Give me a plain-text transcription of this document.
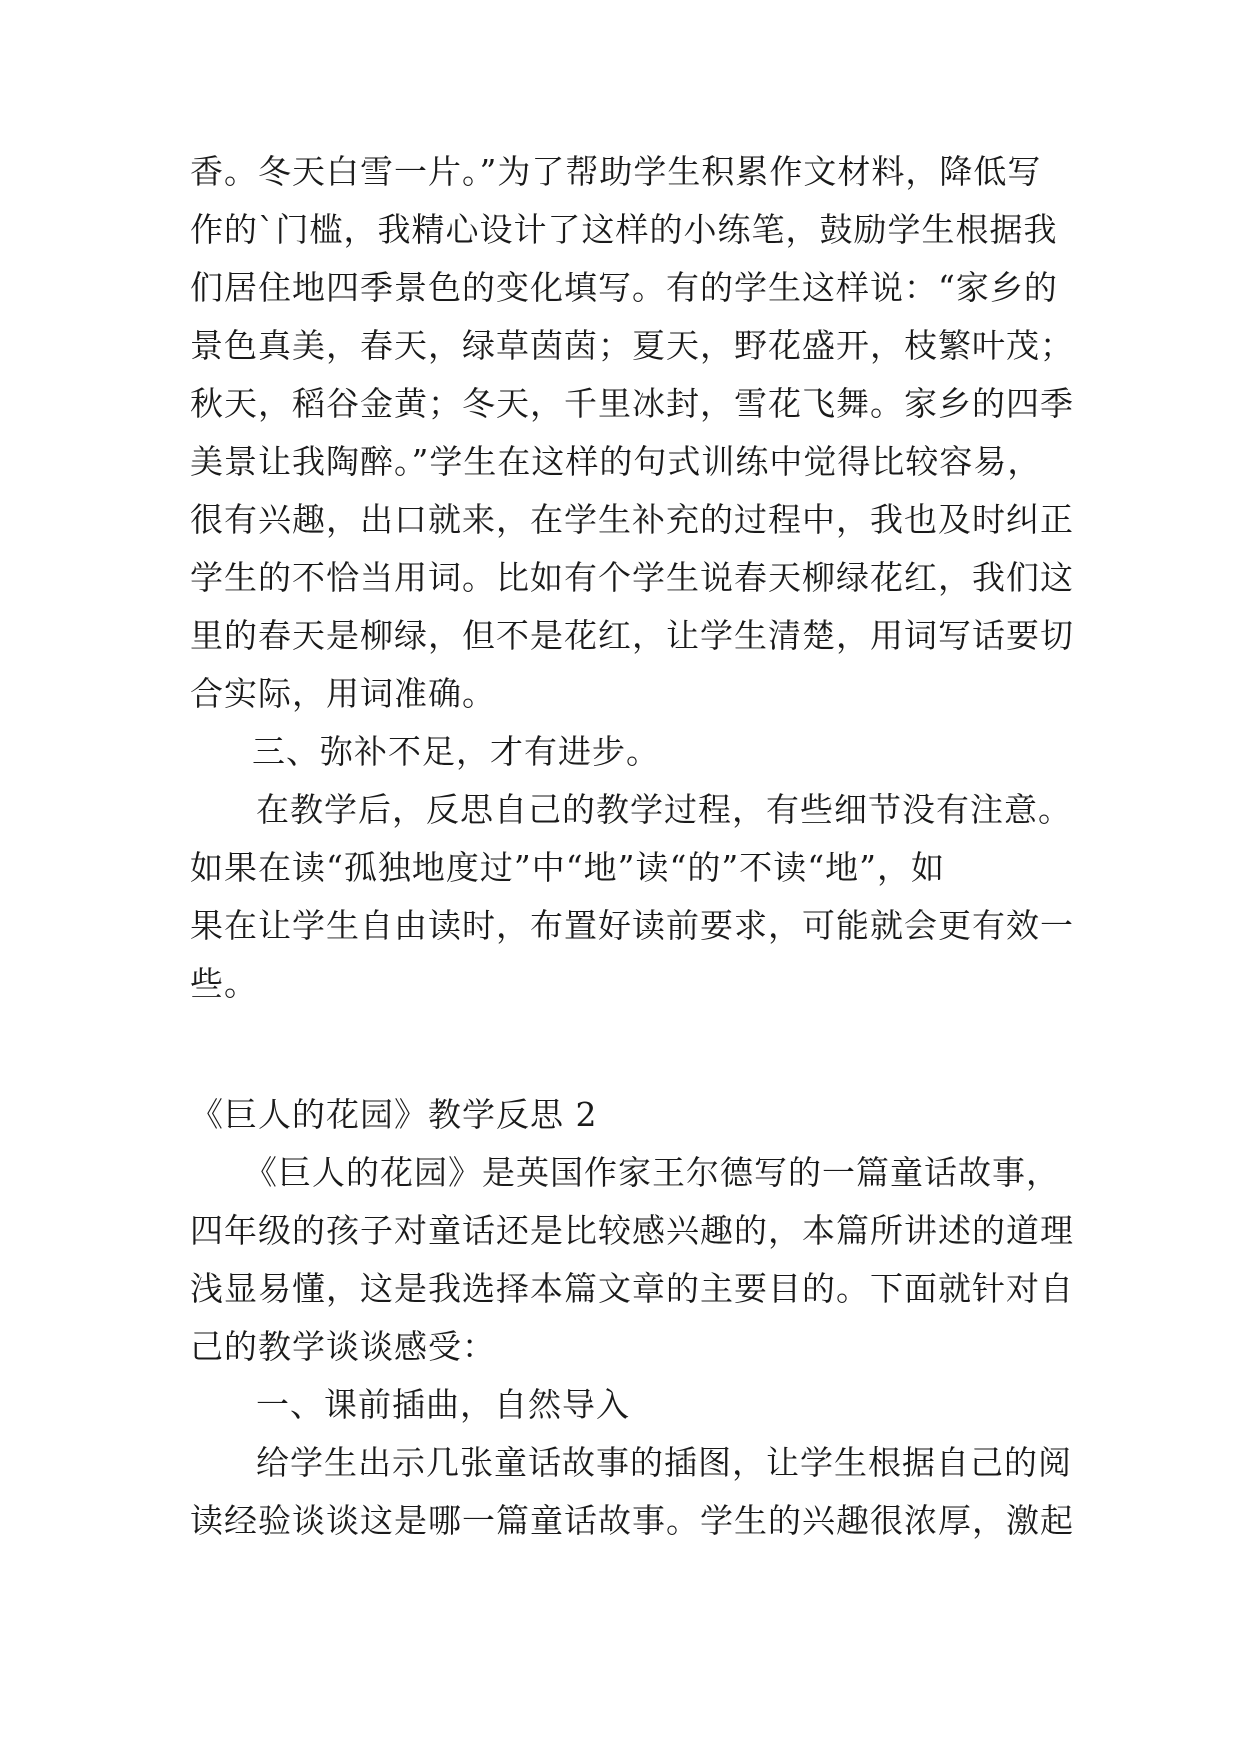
香。冬天白雪一片。”为了帮助学生积累作文材料，降低写
作的`门槛，我精心设计了这样的小练笔，鼓励学生根据我
们居住地四季景色的变化填写。有的学生这样说：“家乡的
景色真美，春天，绿草茵茵；夏天，野花盛开，枝繁叶茂；
秋天，稻谷金黄；冬天，千里冰封，雪花飞舞。家乡的四季
美景让我陶醉。”学生在这样的句式训练中觉得比较容易，
很有兴趣，出口就来，在学生补充的过程中，我也及时纠正
学生的不恰当用词。比如有个学生说春天柳绿花红，我们这
里的春天是柳绿，但不是花红，让学生清楚，用词写话要切
合实际，用词准确。
三、弥补不足，才有进步。
在教学后，反思自己的教学过程，有些细节没有注意。
如果在读“孤独地度过”中“地”读“的”不读“地”，如
果在让学生自由读时，布置好读前要求，可能就会更有效一
些。
《巨人的花园》教学反思 2
《巨人的花园》是英国作家王尔德写的一篇童话故事，
四年级的孩子对童话还是比较感兴趣的，本篇所讲述的道理
浅显易懂，这是我选择本篇文章的主要目的。下面就针对自
己的教学谈谈感受：
一、课前插曲，自然导入
给学生出示几张童话故事的插图，让学生根据自己的阅
读经验谈谈这是哪一篇童话故事。学生的兴趣很浓厚，激起
